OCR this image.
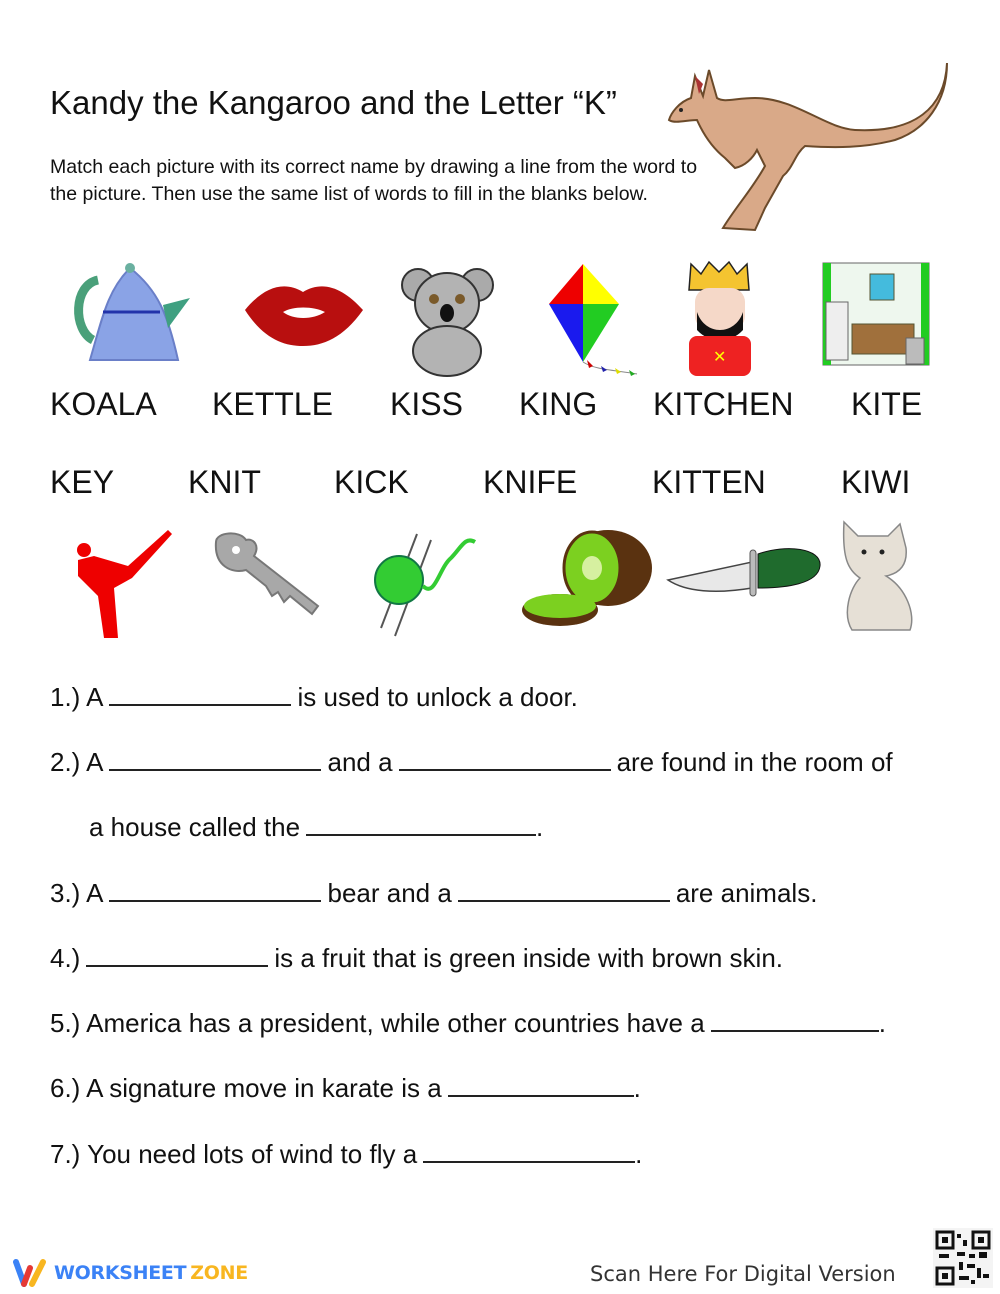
Kandy the Kangaroo and the Letter “K”
Match each picture with its correct name by drawing a line from the word to the picture. Then use the same list of words to fill in the blanks below.
✕
KOALA KETTLE KISS KING KITCHEN KITE
KEY KNIT KICK KNIFE KITTEN KIWI
1.) A	is used to unlock a door.
2.) A	and a	are found in the room of
a house called the	.
3.) A	bear and a	are animals.
4.)	is a fruit that is green inside with brown skin.
5.) America has a president, while other countries have a	.
6.) A signature move in karate is a	.
7.) You need lots of wind to fly a	.
WORKSHEET ZONE	Scan Here For Digital Version
